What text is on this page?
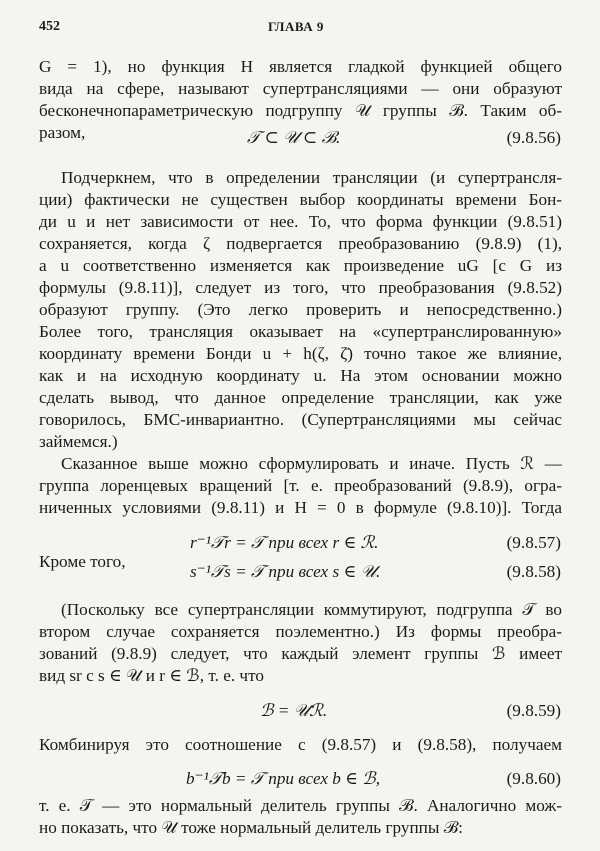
452	ГЛАВА 9
G = 1), но функция H является гладкой функцией общего
вида на сфере, называют супертрансляциями — они образуют
бесконечнопараметрическую подгруппу 𝒰 группы ℬ. Таким об-
разом,	𝒯 ⊂ 𝒰 ⊂ ℬ.	(9.8.56)
Подчеркнем, что в определении трансляции (и супертрансля-
ции) фактически не существен выбор координаты времени Бон-
ди u и нет зависимости от нее. То, что форма функции (9.8.51)
сохраняется, когда ζ подвергается преобразованию (9.8.9) (1),
а u соответственно изменяется как произведение uG [с G из
формулы (9.8.11)], следует из того, что преобразования (9.8.52)
образуют группу. (Это легко проверить и непосредственно.)
Более того, трансляция оказывает на «супертранслированную»
координату времени Бонди u + h(ζ, ζ̄) точно такое же влияние,
как и на исходную координату u. На этом основании можно
сделать вывод, что данное определение трансляции, как уже
говорилось, БМС-инвариантно. (Супертрансляциями мы сейчас
займемся.)
Сказанное выше можно сформулировать и иначе. Пусть ℛ —
группа лоренцевых вращений [т. е. преобразований (9.8.9), огра-
ниченных условиями (9.8.11) и H = 0 в формуле (9.8.10)]. Тогда
r⁻¹𝒯r = 𝒯 при всех r ∈ ℛ.	(9.8.57)
Кроме того,
s⁻¹𝒯s = 𝒯 при всех s ∈ 𝒰.	(9.8.58)
(Поскольку все супертрансляции коммутируют, подгруппа 𝒯 во
втором случае сохраняется поэлементно.) Из формы преобра-
зований (9.8.9) следует, что каждый элемент группы ℬ имеет
вид sr с s ∈ 𝒰 и r ∈ ℬ, т. е. что
ℬ = 𝒰ℛ.	(9.8.59)
Комбинируя это соотношение с (9.8.57) и (9.8.58), получаем
b⁻¹𝒯b = 𝒯 при всех b ∈ ℬ,	(9.8.60)
т. е. 𝒯 — это нормальный делитель группы ℬ. Аналогично мож-
но показать, что 𝒰 тоже нормальный делитель группы ℬ:
